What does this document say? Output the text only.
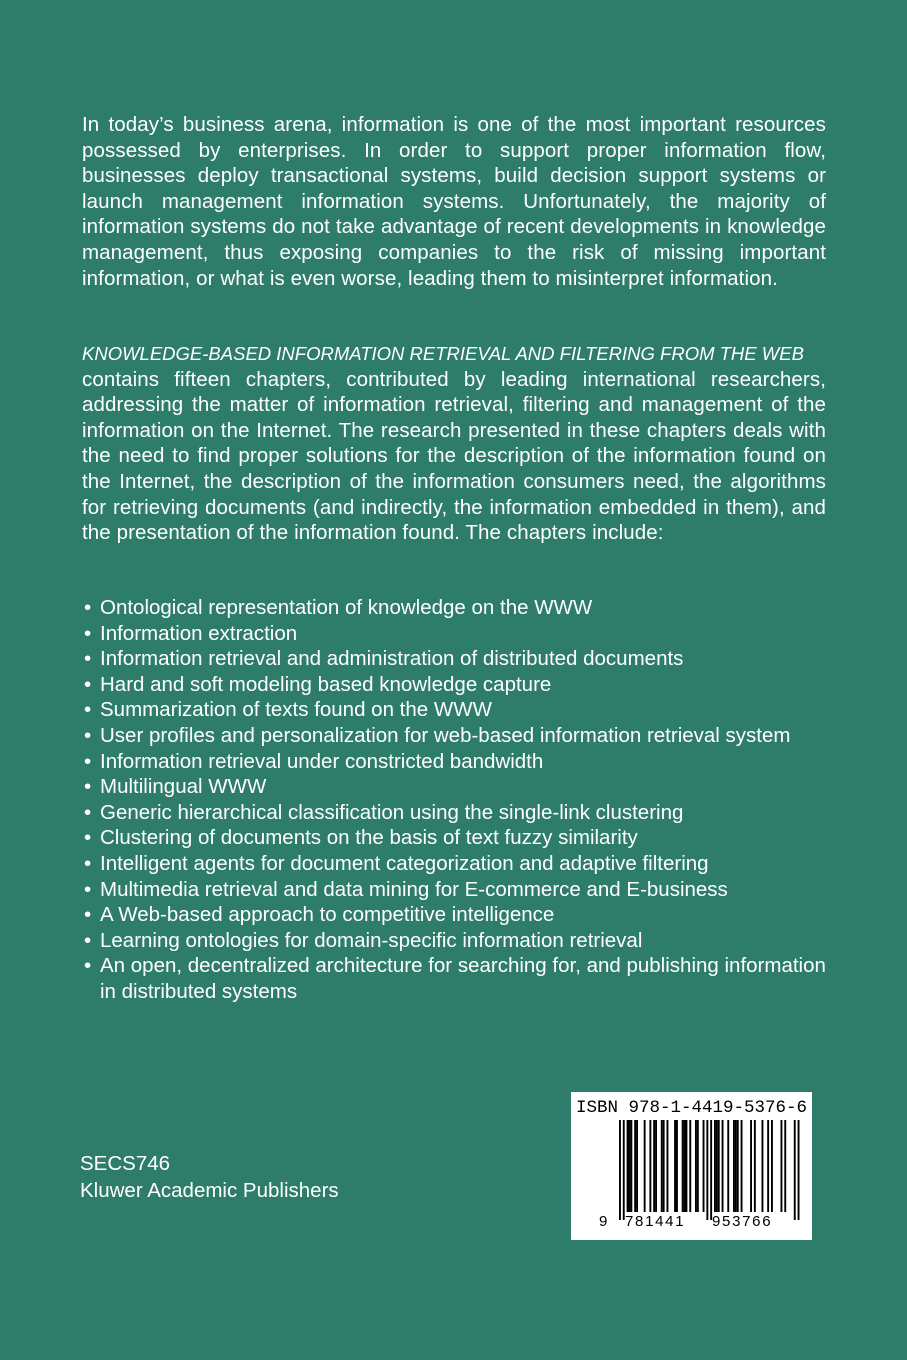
In today’s business arena, information is one of the most important resources possessed by enterprises. In order to support proper information flow, businesses deploy transactional systems, build decision support systems or launch management information systems. Unfortunately, the majority of information systems do not take advantage of recent developments in knowledge management, thus exposing companies to the risk of missing important information, or what is even worse, leading them to misinterpret information.
KNOWLEDGE-BASED INFORMATION RETRIEVAL AND FILTERING FROM THE WEB
contains fifteen chapters, contributed by leading international researchers, addressing the matter of information retrieval, filtering and management of the information on the Internet. The research presented in these chapters deals with the need to find proper solutions for the description of the information found on the Internet, the description of the information consumers need, the algorithms for retrieving documents (and indirectly, the information embedded in them), and the presentation of the information found. The chapters include:
• Ontological representation of knowledge on the WWW
• Information extraction
• Information retrieval and administration of distributed documents
• Hard and soft modeling based knowledge capture
• Summarization of texts found on the WWW
• User profiles and personalization for web-based information retrieval system
• Information retrieval under constricted bandwidth
• Multilingual WWW
• Generic hierarchical classification using the single-link clustering
• Clustering of documents on the basis of text fuzzy similarity
• Intelligent agents for document categorization and adaptive filtering
• Multimedia retrieval and data mining for E-commerce and E-business
• A Web-based approach to competitive intelligence
• Learning ontologies for domain-specific information retrieval
• An open, decentralized architecture for searching for, and publishing information in distributed systems
SECS746
Kluwer Academic Publishers
ISBN 978-1-4419-5376-6
9 781441 953766
